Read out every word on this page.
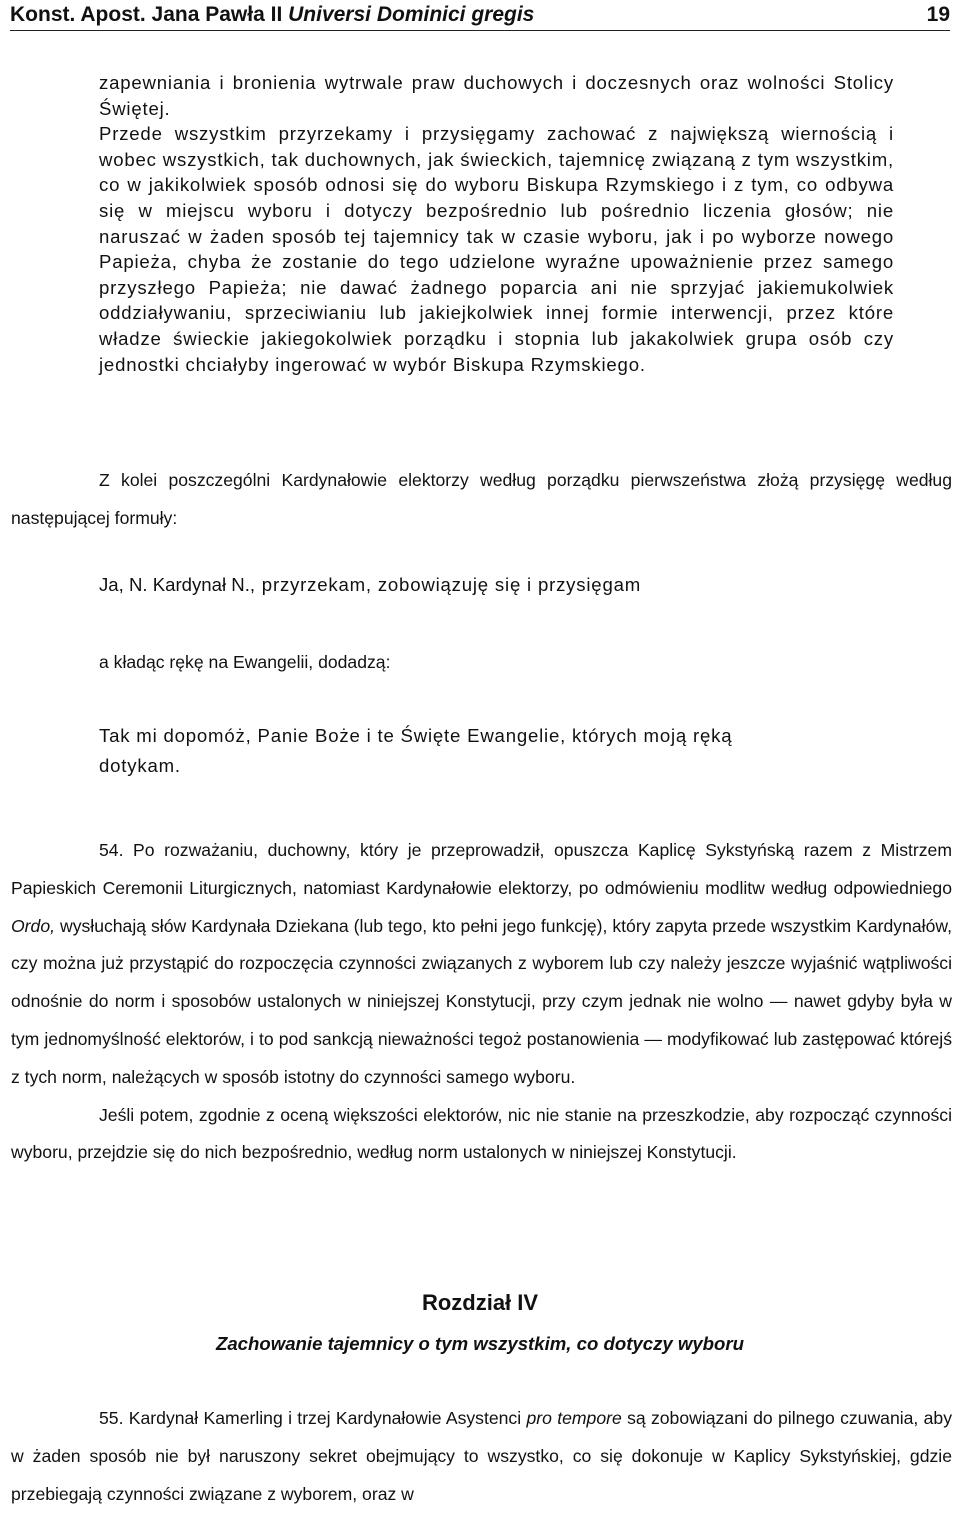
Konst. Apost. Jana Pawła II Universi Dominici gregis	19

zapewniania i bronienia wytrwale praw duchowych i doczesnych oraz wolności Stolicy Świętej.

Przede wszystkim przyrzekamy i przysięgamy zachować z największą wiernością i wobec wszystkich, tak duchownych, jak świeckich, tajemnicę związaną z tym wszystkim, co w jakikolwiek sposób odnosi się do wyboru Biskupa Rzymskiego i z tym, co odbywa się w miejscu wyboru i dotyczy bezpośrednio lub pośrednio liczenia głosów; nie naruszać w żaden sposób tej tajemnicy tak w czasie wyboru, jak i po wyborze nowego Papieża, chyba że zostanie do tego udzielone wyraźne upoważnienie przez samego przyszłego Papieża; nie dawać żadnego poparcia ani nie sprzyjać jakiemukolwiek oddziaływaniu, sprzeciwianiu lub jakiejkolwiek innej formie interwencji, przez które władze świeckie jakiegokolwiek porządku i stopnia lub jakakolwiek grupa osób czy jednostki chciałyby ingerować w wybór Biskupa Rzymskiego.

Z kolei poszczególni Kardynałowie elektorzy według porządku pierwszeństwa złożą przysięgę według następującej formuły:

Ja, N. Kardynał N., przyrzekam, zobowiązuję się i przysięgam
a kładąc rękę na Ewangelii, dodadzą:
Tak mi dopomóż, Panie Boże i te Święte Ewangelie, których moją ręką
dotykam.

54. Po rozważaniu, duchowny, który je przeprowadził, opuszcza Kaplicę Sykstyńską razem z Mistrzem Papieskich Ceremonii Liturgicznych, natomiast Kardynałowie elektorzy, po odmówieniu modlitw według odpowiedniego Ordo, wysłuchają słów Kardynała Dziekana (lub tego, kto pełni jego funkcję), który zapyta przede wszystkim Kardynałów, czy można już przystąpić do rozpoczęcia czynności związanych z wyborem lub czy należy jeszcze wyjaśnić wątpliwości odnośnie do norm i sposobów ustalonych w niniejszej Konstytucji, przy czym jednak nie wolno — nawet gdyby była w tym jednomyślność elektorów, i to pod sankcją nieważności tegoż postanowienia — modyfikować lub zastępować którejś z tych norm, należących w sposób istotny do czynności samego wyboru.

Jeśli potem, zgodnie z oceną większości elektorów, nic nie stanie na przeszkodzie, aby rozpocząć czynności wyboru, przejdzie się do nich bezpośrednio, według norm ustalonych w niniejszej Konstytucji.

Rozdział IV
Zachowanie tajemnicy o tym wszystkim, co dotyczy wyboru

55. Kardynał Kamerling i trzej Kardynałowie Asystenci pro tempore są zobowiązani do pilnego czuwania, aby w żaden sposób nie był naruszony sekret obejmujący to wszystko, co się dokonuje w Kaplicy Sykstyńskiej, gdzie przebiegają czynności związane z wyborem, oraz w
